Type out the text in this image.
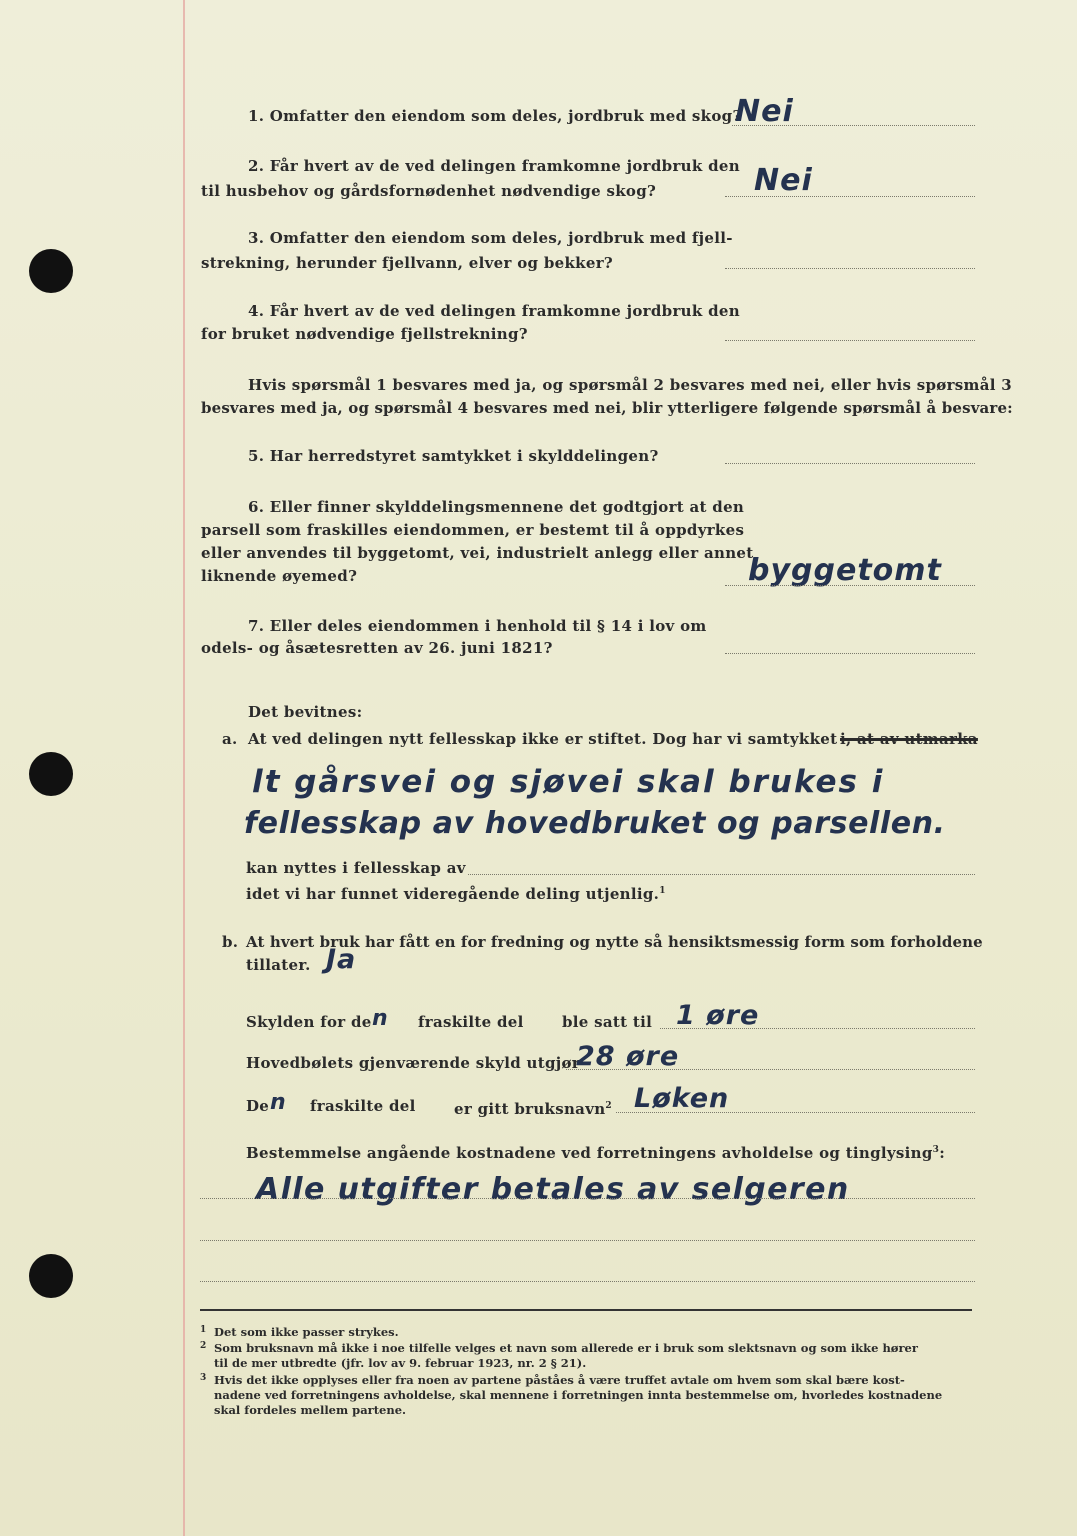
1. Omfatter den eiendom som deles, jordbruk med skog?
Nei
2. Får hvert av de ved delingen framkomne jordbruk den
til husbehov og gårdsfornødenhet nødvendige skog?	Nei
3. Omfatter den eiendom som deles, jordbruk med fjell-
strekning, herunder fjellvann, elver og bekker?
4. Får hvert av de ved delingen framkomne jordbruk den
for bruket nødvendige fjellstrekning?
Hvis spørsmål 1 besvares med ja, og spørsmål 2 besvares med nei, eller hvis spørsmål 3
besvares med ja, og spørsmål 4 besvares med nei, blir ytterligere følgende spørsmål å besvare:
5. Har herredstyret samtykket i skylddelingen?
6. Eller finner skylddelingsmennene det godtgjort at den
parsell som fraskilles eiendommen, er bestemt til å oppdyrkes
eller anvendes til byggetomt, vei, industrielt anlegg eller annet
liknende øyemed?	byggetomt
7. Eller deles eiendommen i henhold til § 14 i lov om
odels- og åsætesretten av 26. juni 1821?
Det bevitnes:
a. At ved delingen nytt fellesskap ikke er stiftet. Dog har vi samtykket i, at av utmarka
lt gårsvei og sjøvei skal brukes i
fellesskap av hovedbruket og parsellen.
kan nyttes i fellesskap av
idet vi har funnet videregående deling utjenlig.$^1$
b. At hvert bruk har fått en for fredning og nytte så hensiktsmessig form som forholdene
tillater. Ja
Skylden for de n fraskilte del	ble satt til 1 øre
Hovedbølets gjenværende skyld utgjør
28 øre
De n fraskilte del	er gitt bruksnavn$^2$ Løken
Bestemmelse angående kostnadene ved forretningens avholdelse og tinglysing$^3$:
Alle utgifter betales av selgeren
1 Det som ikke passer strykes.
2 Som bruksnavn må ikke i noe tilfelle velges et navn som allerede er i bruk som slektsnavn og som ikke hører
til de mer utbredte (jfr. lov av 9. februar 1923, nr. 2 § 21).
3 Hvis det ikke opplyses eller fra noen av partene påståes å være truffet avtale om hvem som skal bære kost-
nadene ved forretningens avholdelse, skal mennene i forretningen innta bestemmelse om, hvorledes kostnadene
skal fordeles mellem partene.
